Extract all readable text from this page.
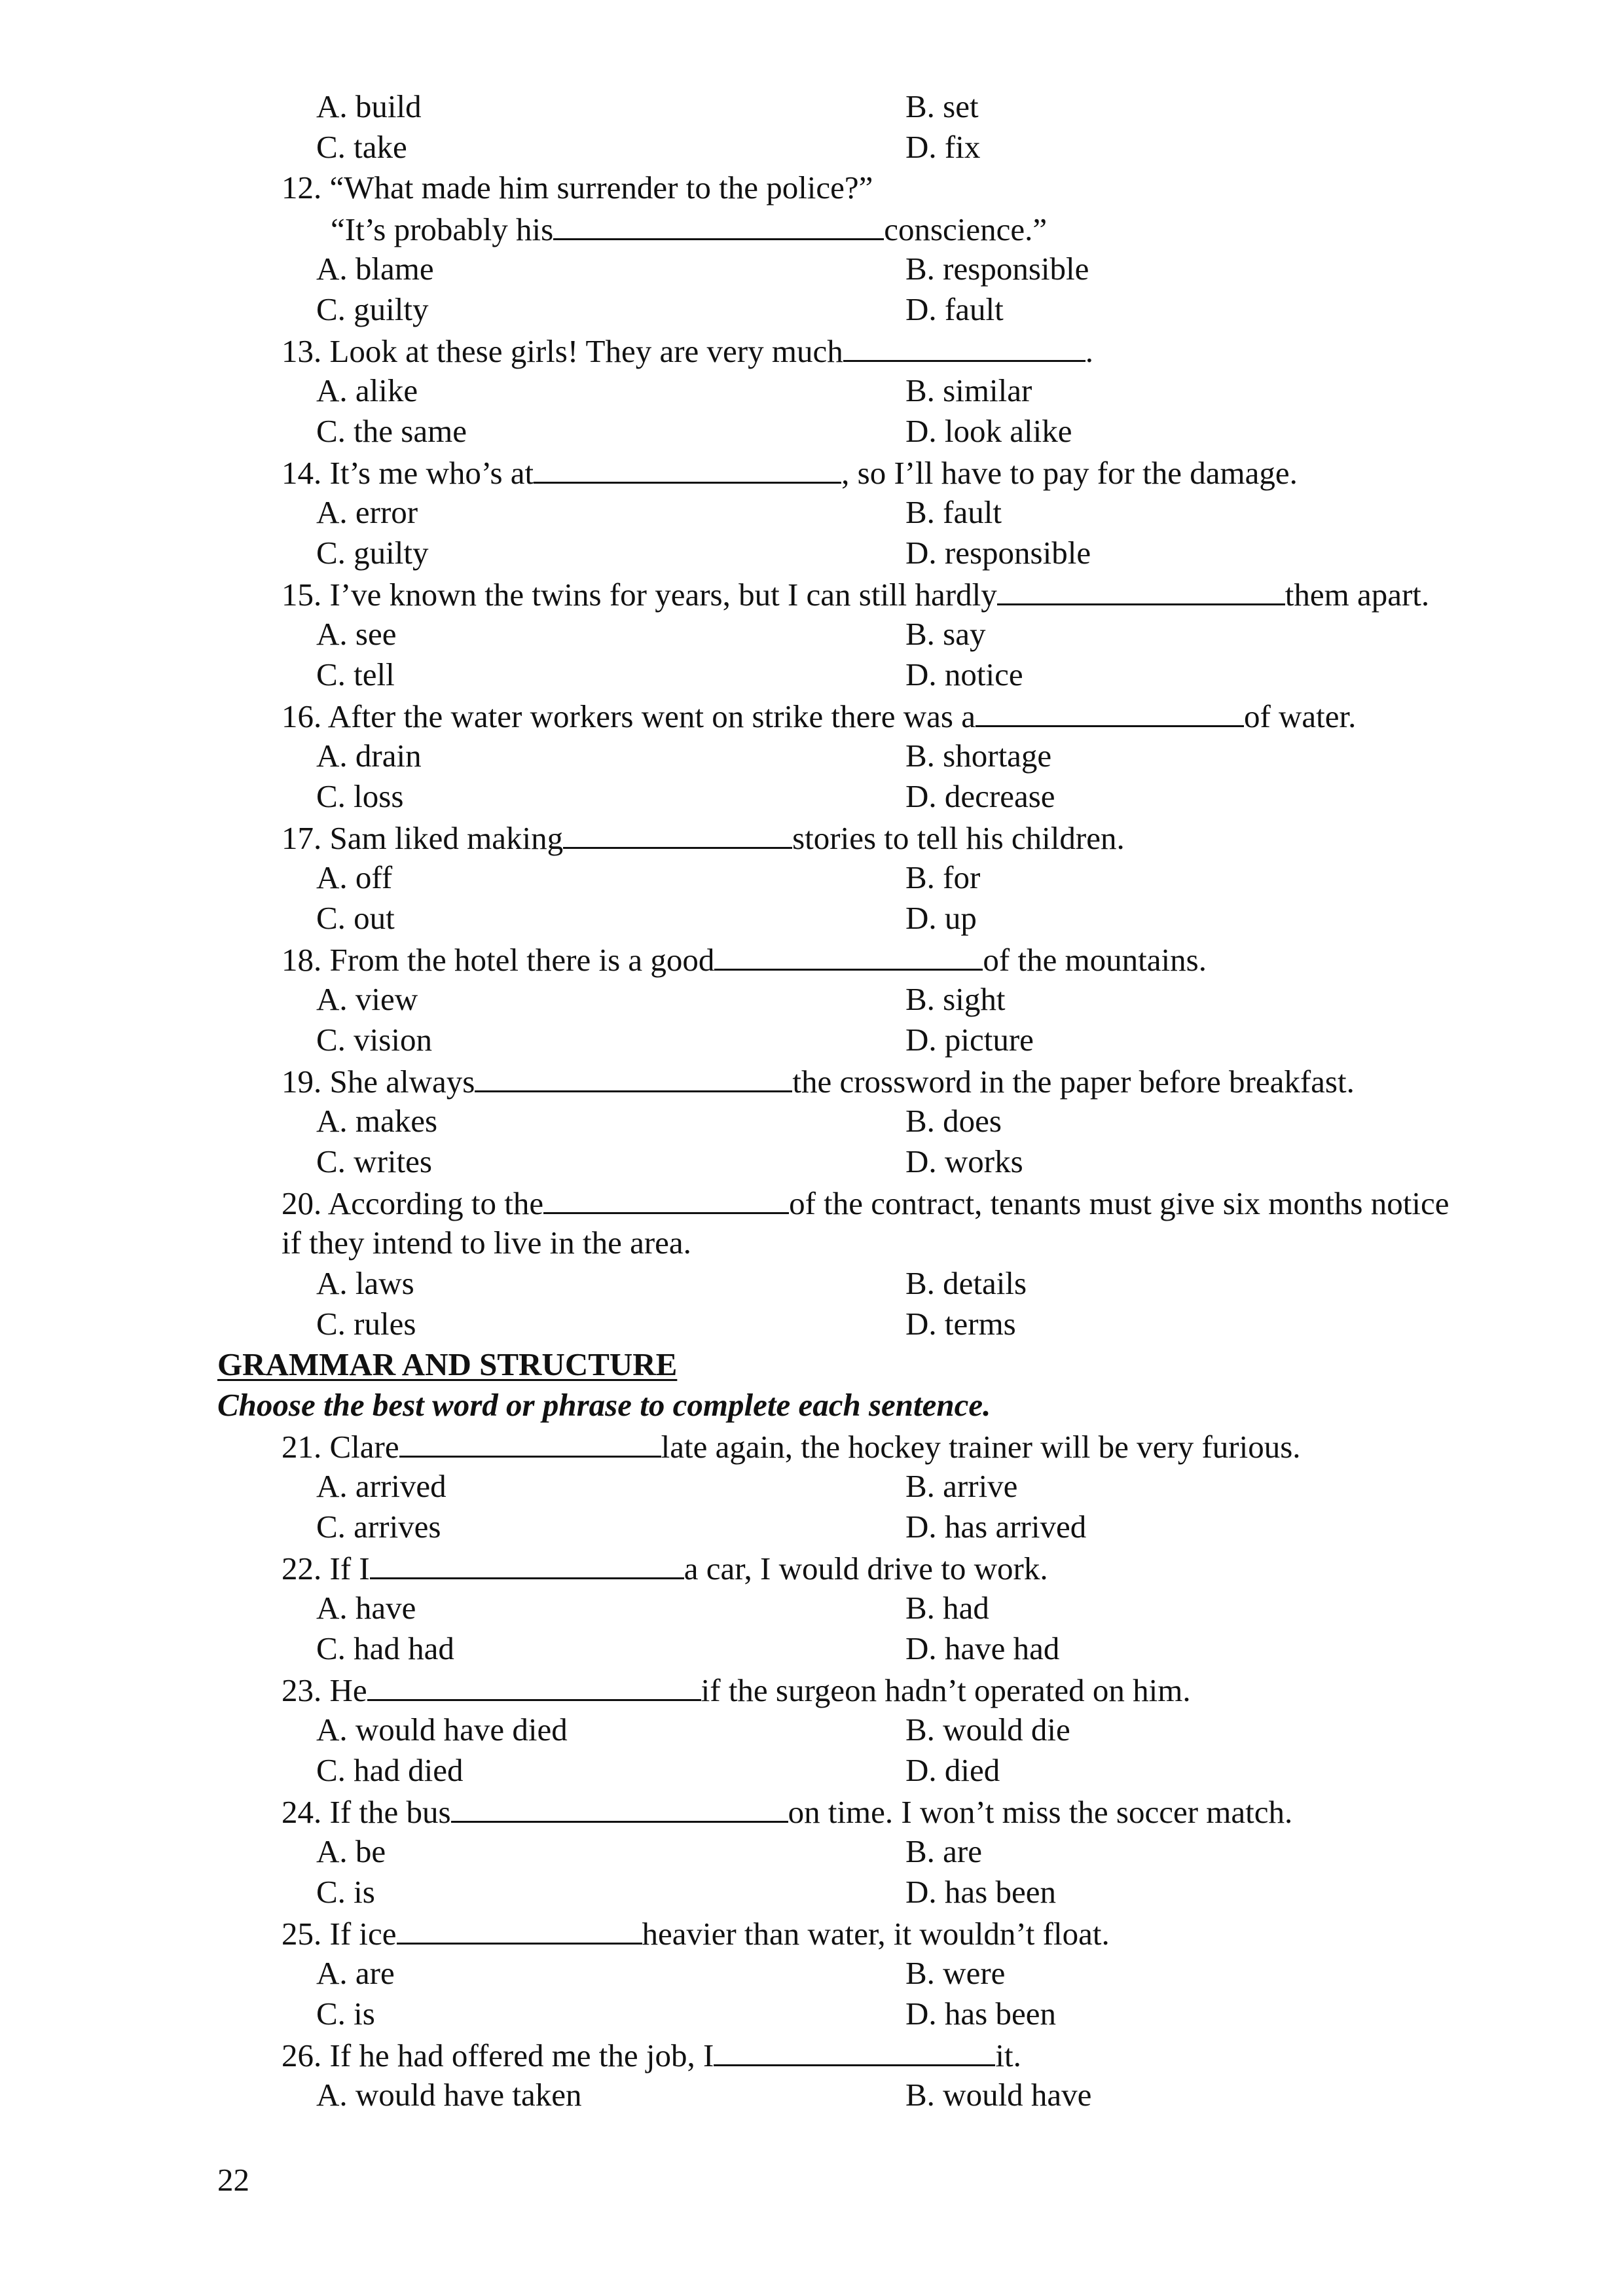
A. build	B. set
C. take	D. fix
12. “What made him surrender to the police?”
“It’s probably his	conscience.”
A. blame	B. responsible
C. guilty	D. fault
13. Look at these girls! They are very much	.
A. alike	B. similar
C. the same	D. look alike
14. It’s me who’s at	, so I’ll have to pay for the damage.
A. error	B. fault
C. guilty	D. responsible
15. I’ve known the twins for years, but I can still hardly	them apart.
A. see	B. say
C. tell	D. notice
16. After the water workers went on strike there was a	of water.
A. drain	B. shortage
C. loss	D. decrease
17. Sam liked making	stories to tell his children.
A. off	B. for
C. out	D. up
18. From the hotel there is a good	of the mountains.
A. view	B. sight
C. vision	D. picture
19. She always	the crossword in the paper before breakfast.
A. makes	B. does
C. writes	D. works
20. According to the	of the contract, tenants must give six months notice
if they intend to live in the area.
A. laws	B. details
C. rules	D. terms
GRAMMAR AND STRUCTURE
Choose the best word or phrase to complete each sentence.
21. Clare	late again, the hockey trainer will be very furious.
A. arrived	B. arrive
C. arrives	D. has arrived
22. If I	a car, I would drive to work.
A. have	B. had
C. had had	D. have had
23. He	if the surgeon hadn’t operated on him.
A. would have died	B. would die
C. had died	D. died
24. If the bus	on time. I won’t miss the soccer match.
A. be	B. are
C. is	D. has been
25. If ice	heavier than water, it wouldn’t float.
A. are	B. were
C. is	D. has been
26. If he had offered me the job, I	it.
A. would have taken	B. would have
22
